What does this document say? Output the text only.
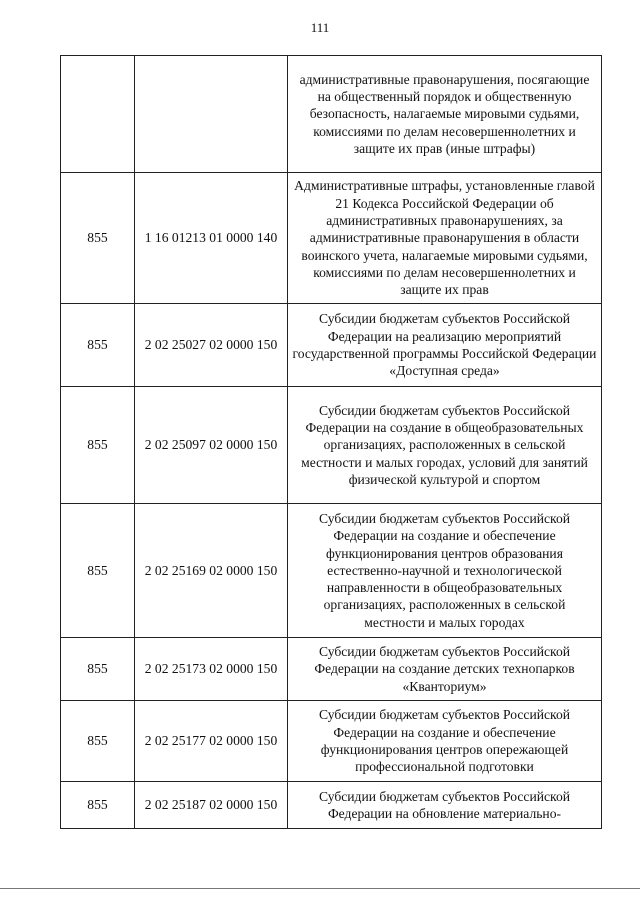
111
		административные правонарушения, посягающие на общественный порядок и общественную безопасность, налагаемые мировыми судьями, комиссиями по делам несовершеннолетних и защите их прав (иные штрафы)
855	1 16 01213 01 0000 140	Административные штрафы, установленные главой 21 Кодекса Российской Федерации об административных правонарушениях, за административные правонарушения в области воинского учета, налагаемые мировыми судьями, комиссиями по делам несовершеннолетних и защите их прав
855	2 02 25027 02 0000 150	Субсидии бюджетам субъектов Российской Федерации на реализацию мероприятий государственной программы Российской Федерации «Доступная среда»
855	2 02 25097 02 0000 150	Субсидии бюджетам субъектов Российской Федерации на создание в общеобразовательных организациях, расположенных в сельской местности и малых городах, условий для занятий физической культурой и спортом
855	2 02 25169 02 0000 150	Субсидии бюджетам субъектов Российской Федерации на создание и обеспечение функционирования центров образования естественно-научной и технологической направленности в общеобразовательных организациях, расположенных в сельской местности и малых городах
855	2 02 25173 02 0000 150	Субсидии бюджетам субъектов Российской Федерации на создание детских технопарков «Кванториум»
855	2 02 25177 02 0000 150	Субсидии бюджетам субъектов Российской Федерации на создание и обеспечение функционирования центров опережающей профессиональной подготовки
855	2 02 25187 02 0000 150	Субсидии бюджетам субъектов Российской Федерации на обновление материально-
